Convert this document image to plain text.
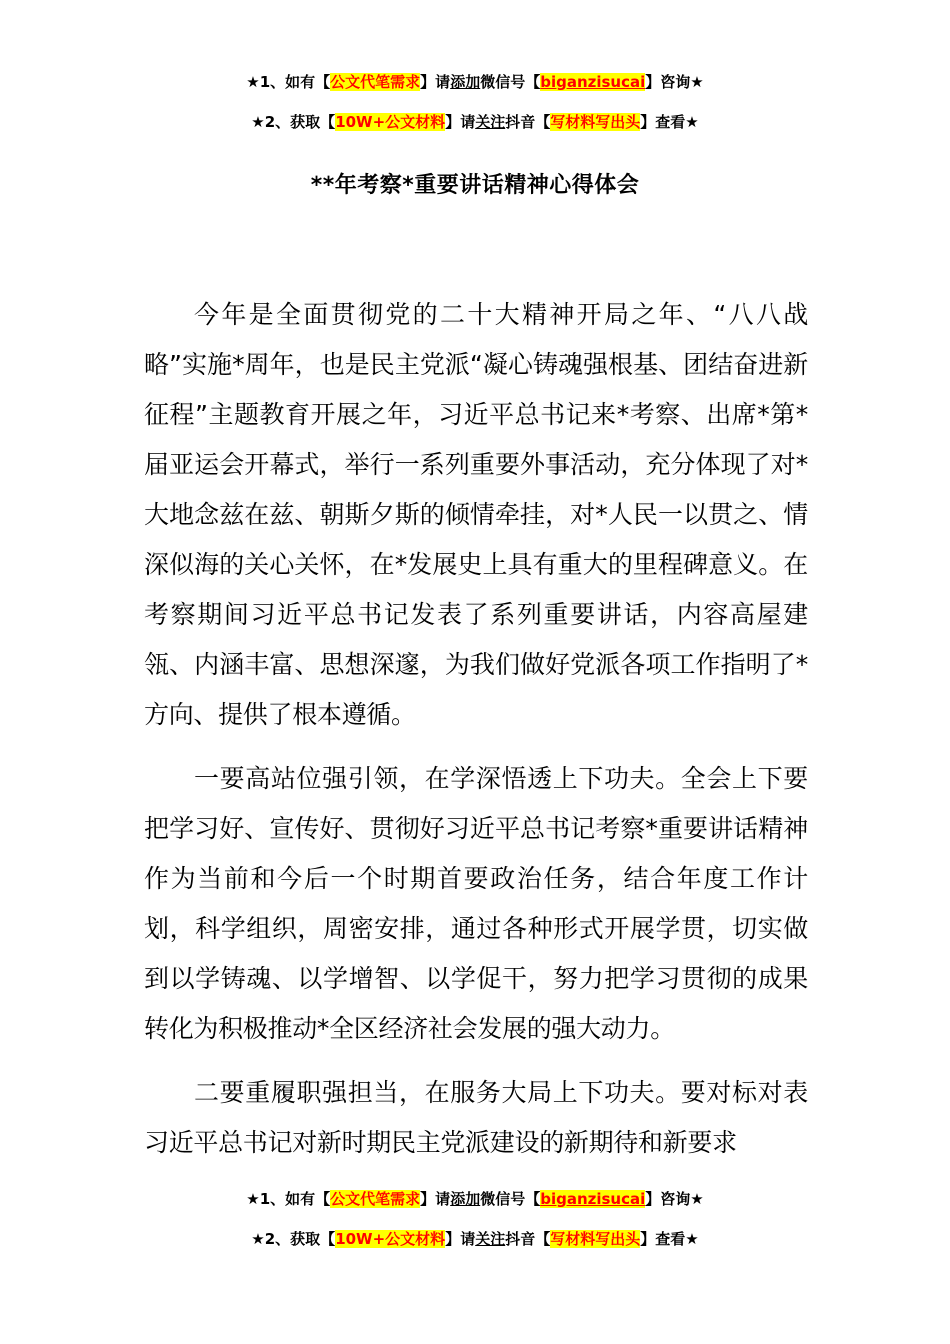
★1、如有【公文代笔需求】请添加微信号【biganzisucai】咨询★
★2、获取【10W+公文材料】请关注抖音【写材料写出头】查看★
**年考察*重要讲话精神心得体会

今年是全面贯彻党的二十大精神开局之年、“八八战略”实施*周年，也是民主党派“凝心铸魂强根基、团结奋进新征程”主题教育开展之年，习近平总书记来*考察、出席*第*届亚运会开幕式，举行一系列重要外事活动，充分体现了对*大地念兹在兹、朝斯夕斯的倾情牵挂，对*人民一以贯之、情深似海的关心关怀，在*发展史上具有重大的里程碑意义。在考察期间习近平总书记发表了系列重要讲话，内容高屋建瓴、内涵丰富、思想深邃，为我们做好党派各项工作指明了*方向、提供了根本遵循。

一要高站位强引领，在学深悟透上下功夫。全会上下要把学习好、宣传好、贯彻好习近平总书记考察*重要讲话精神作为当前和今后一个时期首要政治任务，结合年度工作计划，科学组织，周密安排，通过各种形式开展学贯，切实做到以学铸魂、以学增智、以学促干，努力把学习贯彻的成果转化为积极推动*全区经济社会发展的强大动力。

二要重履职强担当，在服务大局上下功夫。要对标对表习近平总书记对新时期民主党派建设的新期待和新要求

★1、如有【公文代笔需求】请添加微信号【biganzisucai】咨询★
★2、获取【10W+公文材料】请关注抖音【写材料写出头】查看★
